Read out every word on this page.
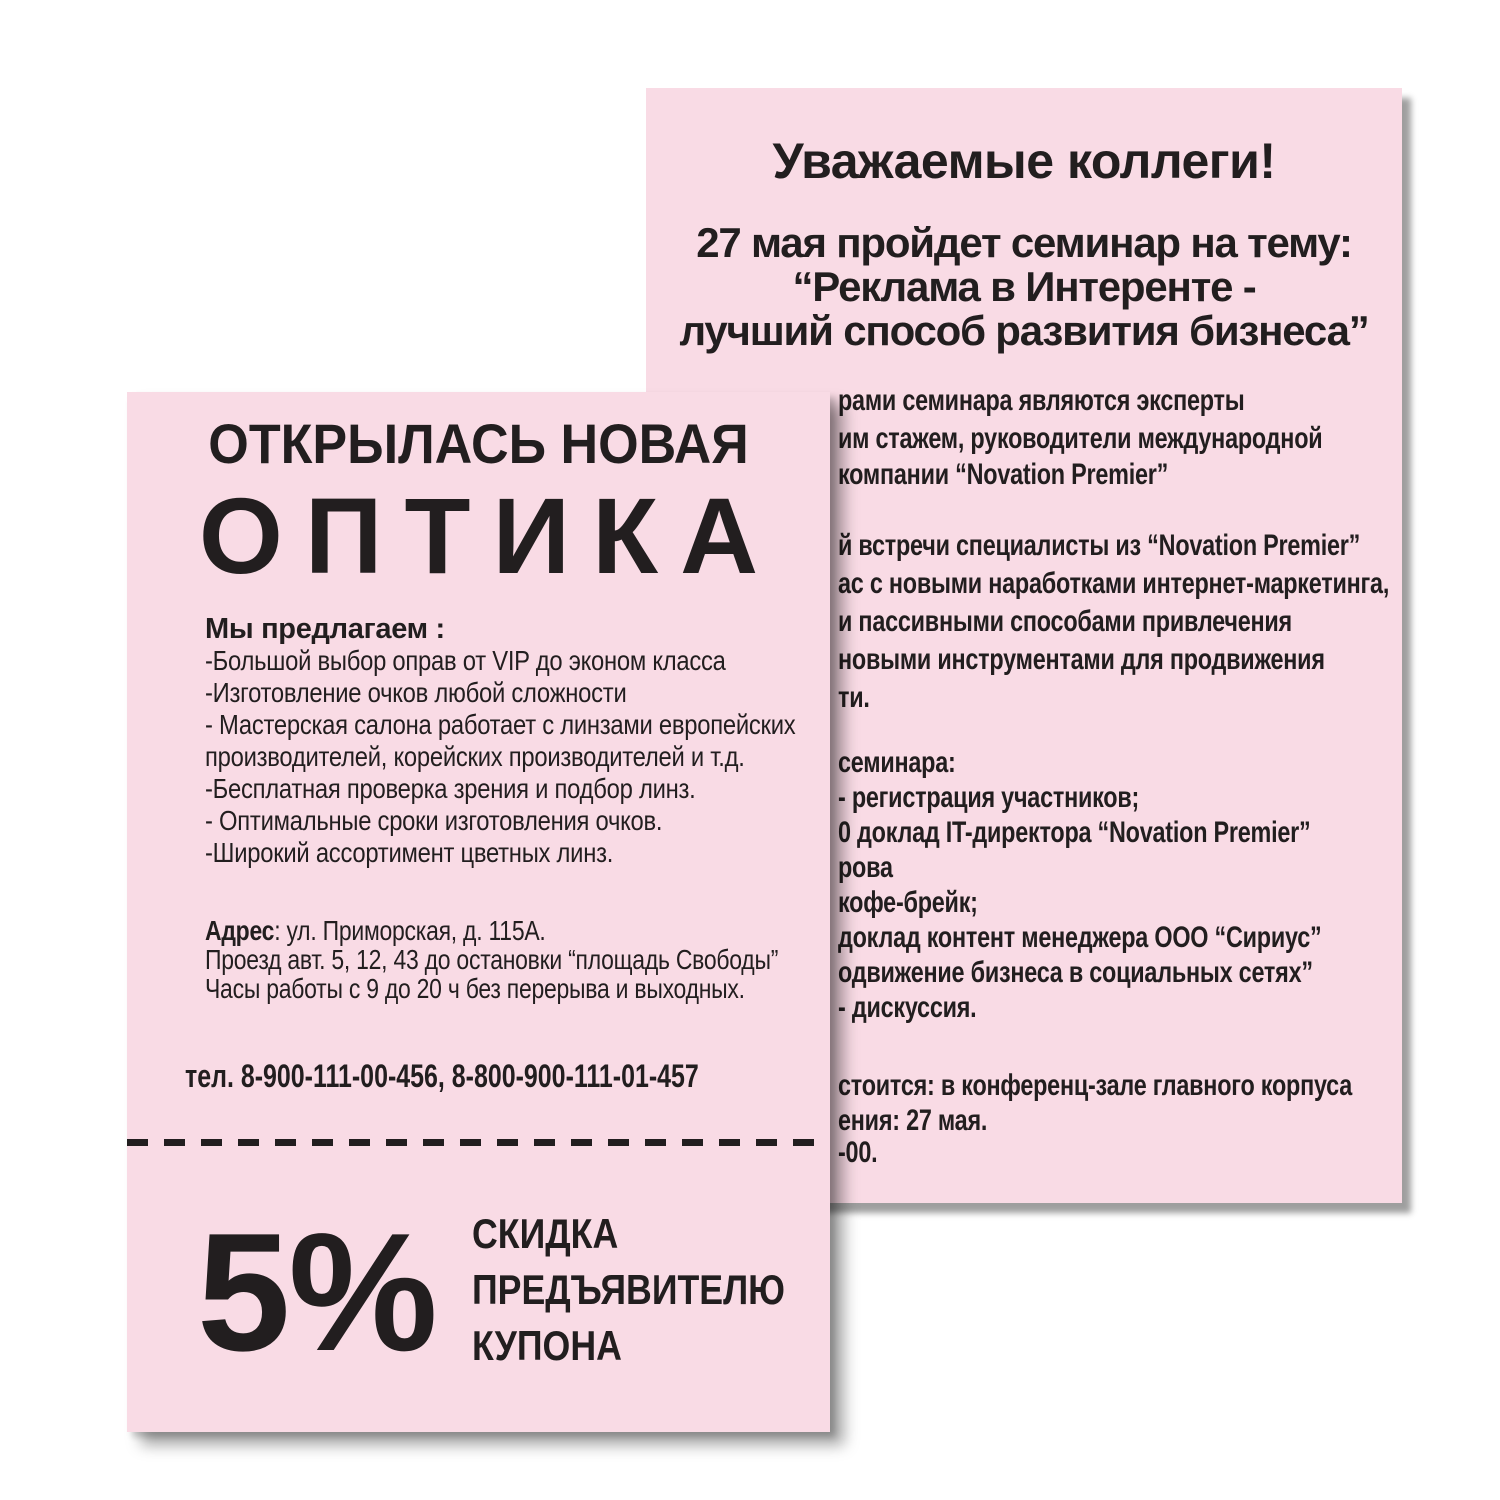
Уважаемые коллеги!
27 мая пройдет семинар на тему:
“Реклама в Интеренте -
лучший способ развития бизнеса”
рами семинара являются эксперты
им стажем, руководители международной
компании “Novation Premier”
й встречи специалисты из “Novation Premier”
ас с новыми наработками интернет-маркетинга,
и пассивными способами привлечения
новыми инструментами для продвижения
ти.
семинара:
- регистрация участников;
0 доклад IT-директора “Novation Premier”
рова
кофе-брейк;
доклад контент менеджера ООО “Сириус”
одвижение бизнеса в социальных сетях”
- дискуссия.
стоится: в конференц-зале главного корпуса
ения: 27 мая.
-00.
ОТКРЫЛАСЬ НОВАЯ
ОПТИКА
Мы предлагаем :
-Большой выбор оправ от VIP до эконом класса
-Изготовление очков любой сложности
- Мастерская салона работает с линзами европейских
производителей, корейских производителей и т.д.
-Бесплатная проверка зрения и подбор линз.
- Оптимальные сроки изготовления очков.
-Широкий ассортимент цветных линз.
Адрес: ул. Приморская, д. 115А.
Проезд авт. 5, 12, 43 до остановки “площадь Свободы”
Часы работы с 9 до 20 ч без перерыва и выходных.
тел. 8-900-111-00-456, 8-800-900-111-01-457
5% СКИДКА
ПРЕДЪЯВИТЕЛЮ
КУПОНА
